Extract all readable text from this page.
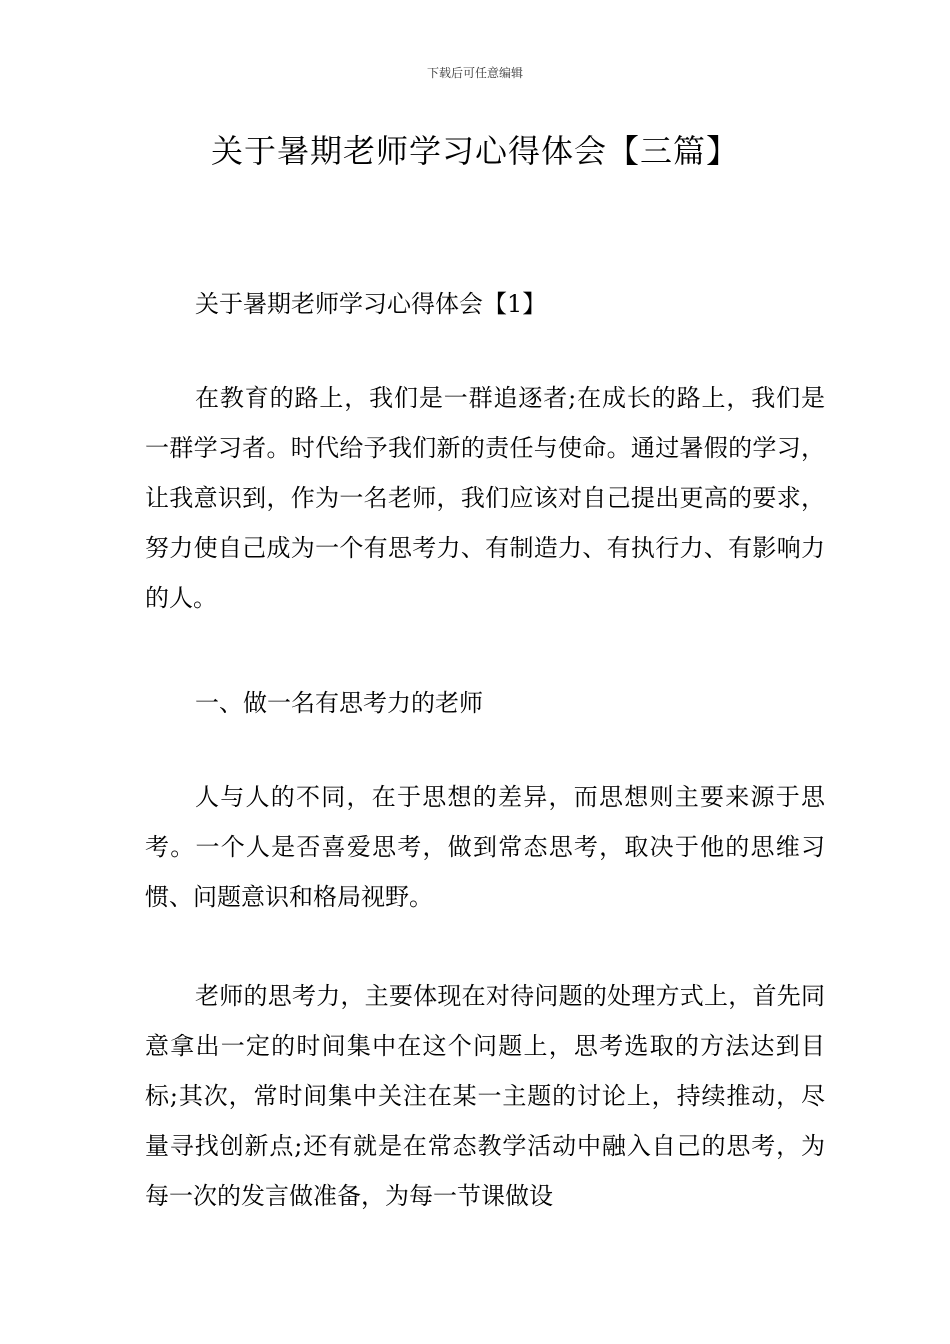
下载后可任意编辑
关于暑期老师学习心得体会【三篇】

关于暑期老师学习心得体会【1】

在教育的路上，我们是一群追逐者;在成长的路上，我们是一群学习者。时代给予我们新的责任与使命。通过暑假的学习，让我意识到，作为一名老师，我们应该对自己提出更高的要求，努力使自己成为一个有思考力、有制造力、有执行力、有影响力的人。

一、做一名有思考力的老师

人与人的不同，在于思想的差异，而思想则主要来源于思考。一个人是否喜爱思考，做到常态思考，取决于他的思维习惯、问题意识和格局视野。

老师的思考力，主要体现在对待问题的处理方式上，首先同意拿出一定的时间集中在这个问题上，思考选取的方法达到目标;其次，常时间集中关注在某一主题的讨论上，持续推动，尽量寻找创新点;还有就是在常态教学活动中融入自己的思考，为每一次的发言做准备，为每一节课做设
